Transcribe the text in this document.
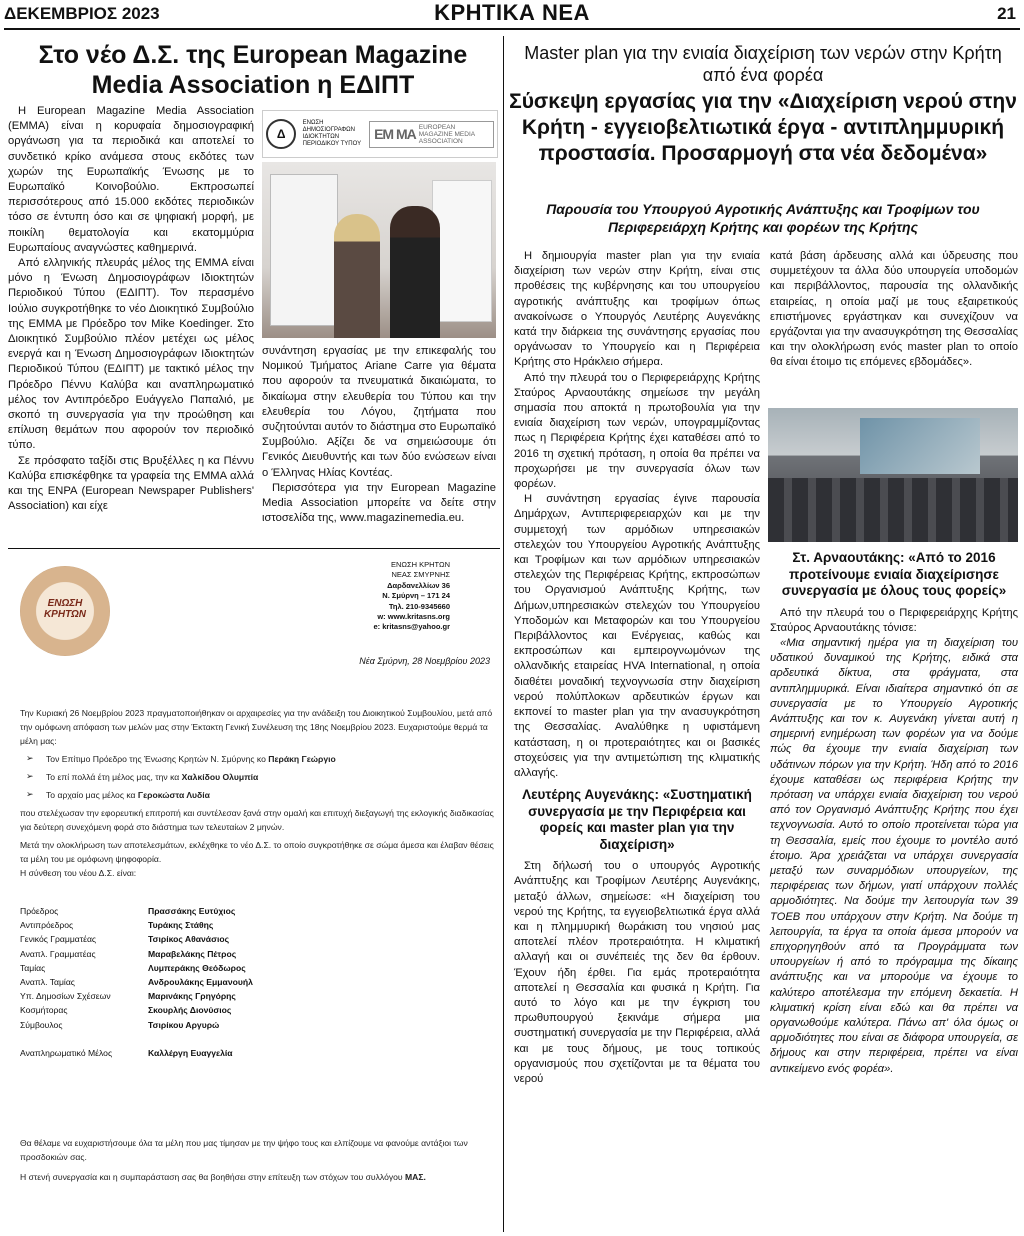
ΔΕΚΕΜΒΡΙΟΣ 2023	ΚΡΗΤΙΚΑ ΝΕΑ	21
Στο νέο Δ.Σ. της European Magazine Media Association η ΕΔΙΠΤ

Η European Magazine Media Association (EMMA) είναι η κορυφαία δημοσιογραφική οργάνωση για τα περιοδικά και αποτελεί το συνδετικό κρίκο ανάμεσα στους εκδότες των χωρών της Ευρωπαϊκής Ένωσης με το Ευρωπαϊκό Κοινοβούλιο. Εκπροσωπεί περισσότερους από 15.000 εκδότες περιοδικών τόσο σε έντυπη όσο και σε ψηφιακή μορφή, με ποικίλη θεματολογία και εκατομμύρια Ευρωπαίους αναγνώστες καθημερινά.

Από ελληνικής πλευράς μέλος της EMMA είναι μόνο η Ένωση Δημοσιογράφων Ιδιοκτητών Περιοδικού Τύπου (ΕΔΙΠΤ). Τον περασμένο Ιούλιο συγκροτήθηκε το νέο Διοικητικό Συμβούλιο της EMMA με Πρόεδρο τον Mike Koedinger. Στο Διοικητικό Συμβούλιο πλέον μετέχει ως μέλος ενεργά και η Ένωση Δημοσιογράφων Ιδιοκτητών Περιοδικού Τύπου (ΕΔΙΠΤ) με τακτικό μέλος την Πρόεδρο Πέννυ Καλύβα και αναπληρωματικό μέλος τον Αντιπρόεδρο Ευάγγελο Παπαλιό, με σκοπό τη συνεργασία για την προώθηση και επίλυση θεμάτων που αφορούν τον περιοδικό τύπο.

Σε πρόσφατο ταξίδι στις Βρυξέλλες η κα Πέννυ Καλύβα επισκέφθηκε τα γραφεία της EMMA αλλά και της ENPA (European Newspaper Publishers' Association) και είχε

Δ
ΕΝΩΣΗ ΔΗΜΟΣΙΟΓΡΑΦΩΝ ΙΔΙΟΚΤΗΤΩΝ ΠΕΡΙΟΔΙΚΟΥ ΤΥΠΟΥ
EM MA EUROPEAN MAGAZINE MEDIA ASSOCIATION

συνάντηση εργασίας με την επικεφαλής του Νομικού Τμήματος Ariane Carre για θέματα που αφορούν τα πνευματικά δικαιώματα, το δικαίωμα στην ελευθερία του Τύπου και την ελευθερία του Λόγου, ζητήματα που συζητούνται αυτόν το διάστημα στο Ευρωπαϊκό Συμβούλιο. Αξίζει δε να σημειώσουμε ότι Γενικός Διευθυντής και των δύο ενώσεων είναι ο Έλληνας Ηλίας Κοντέας.

Περισσότερα για την European Magazine Media Association μπορείτε να δείτε στην ιστοσελίδα της, www.magazinemedia.eu.

ΕΝΩΣΗ ΚΡΗΤΩΝ
ΕΝΩΣΗ ΚΡΗΤΩΝ
ΝΕΑΣ ΣΜΥΡΝΗΣ
Δαρδανελλίων 36
Ν. Σμύρνη – 171 24
Τηλ. 210-9345660
w: www.kritasns.org
e: kritasns@yahoo.gr
Νέα Σμύρνη, 28 Νοεμβρίου 2023
Την Κυριακή 26 Νοεμβρίου 2023 πραγματοποιήθηκαν οι αρχαιρεσίες για την ανάδειξη του Διοικητικού Συμβουλίου, μετά από την ομόφωνη απόφαση των μελών μας στην Έκτακτη Γενική Συνέλευση της 18ης Νοεμβρίου 2023. Ευχαριστούμε θερμά τα μέλη μας:
➢ Τον Επίτιμο Πρόεδρο της Ένωσης Κρητών Ν. Σμύρνης κο Περάκη Γεώργιο
➢ Το επί πολλά έτη μέλος μας, την κα Χαλκίδου Ολυμπία
➢ Το αρχαίο μας μέλος κα Γερoκώστα Λυδία
που στελέχωσαν την εφορευτική επιτροπή και συντέλεσαν ξανά στην ομαλή και επιτυχή διεξαγωγή της εκλογικής διαδικασίας για δεύτερη συνεχόμενη φορά στο διάστημα των τελευταίων 2 μηνών.
Μετά την ολοκλήρωση των αποτελεσμάτων, εκλέχθηκε το νέο Δ.Σ. το οποίο συγκροτήθηκε σε σώμα άμεσα και έλαβαν θέσεις τα μέλη του με ομόφωνη ψηφοφορία.
Η σύνθεση του νέου Δ.Σ. είναι:
Πρόεδρος	Πρασσάκης Ευτύχιος
Αντιπρόεδρος	Τυράκης Στάθης
Γενικός Γραμματέας	Τσιρίκος Αθανάσιος
Αναπλ. Γραμματέας	Μαραβελάκης Πέτρος
Ταμίας	Λυμπεράκης Θεόδωρος
Αναπλ. Ταμίας	Ανδρουλάκης Εμμανουήλ
Υπ. Δημοσίων Σχέσεων	Μαρινάκης Γρηγόρης
Κοσμήτορας	Σκουρλής Διονύσιος
Σύμβουλος	Τσιρίκου Αργυρώ
Αναπληρωματικό Μέλος	Καλλέργη Ευαγγελία
Θα θέλαμε να ευχαριστήσουμε όλα τα μέλη που μας τίμησαν με την ψήφο τους και ελπίζουμε να φανούμε αντάξιοι των προσδοκιών σας.
Η στενή συνεργασία και η συμπαράσταση σας θα βοηθήσει στην επίτευξη των στόχων του συλλόγου ΜΑΣ.
Master plan για την ενιαία διαχείριση των νερών στην Κρήτη από ένα φορέα
Σύσκεψη εργασίας για την «Διαχείριση νερού στην Κρήτη - εγγειοβελτιωτικά έργα - αντιπλημμυρική προστασία. Προσαρμογή στα νέα δεδομένα»
Παρουσία του Υπουργού Αγροτικής Ανάπτυξης και Τροφίμων του Περιφερειάρχη Κρήτης και φορέων της Κρήτης

Η δημιουργία master plan για την ενιαία διαχείριση των νερών στην Κρήτη, είναι στις προθέσεις της κυβέρνησης και του υπουργείου αγροτικής ανάπτυξης και τροφίμων όπως ανακοίνωσε ο Υπουργός Λευτέρης Αυγενάκης κατά την διάρκεια της συνάντησης εργασίας που οργάνωσαν το Υπουργείο και η Περιφέρεια Κρήτης στο Ηράκλειο σήμερα.

Από την πλευρά του ο Περιφερειάρχης Κρήτης Σταύρος Αρναουτάκης σημείωσε την μεγάλη σημασία που αποκτά η πρωτοβουλία για την ενιαία διαχείριση των νερών, υπογραμμίζοντας πως η Περιφέρεια Κρήτης έχει καταθέσει από το 2016 τη σχετική πρόταση, η οποία θα πρέπει να προχωρήσει με την συνεργασία όλων των φορέων.

Η συνάντηση εργασίας έγινε παρουσία Δημάρχων, Αντιπεριφερειαρχών και με την συμμετοχή των αρμόδιων υπηρεσιακών στελεχών του Υπουργείου Αγροτικής Ανάπτυξης και Τροφίμων και των αρμόδιων υπηρεσιακών στελεχών της Περιφέρειας Κρήτης, εκπροσώπων του Οργανισμού Ανάπτυξης Κρήτης, των Δήμων,υπηρεσιακών στελεχών του Υπουργείου Υποδομών και Μεταφορών και του Υπουργείου Περιβάλλοντος και Ενέργειας, καθώς και εκπροσώπων και εμπειρογνωμόνων της ολλανδικής εταιρείας HVA International, η οποία διαθέτει μοναδική τεχνογνωσία στην διαχείριση νερού πολύπλοκων αρδευτικών έργων και εκπονεί το master plan για την ανασυγκρότηση της Θεσσαλίας. Αναλύθηκε η υφιστάμενη κατάσταση, η οι προτεραιότητες και οι βασικές στοχεύσεις για την αντιμετώπιση της κλιματικής αλλαγής.

Λευτέρης Αυγενάκης: «Συστηματική συνεργασία με την Περιφέρεια και φορείς και master plan για την διαχείριση»

Στη δήλωσή του ο υπουργός Αγροτικής Ανάπτυξης και Τροφίμων Λευτέρης Αυγενάκης, μεταξύ άλλων, σημείωσε: «Η διαχείριση του νερού της Κρήτης, τα εγγειοβελτιωτικά έργα αλλά και η πλημμυρική θωράκιση του νησιού μας αποτελεί πλέον προτεραιότητα. Η κλιματική αλλαγή και οι συνέπειές της δεν θα έρθουν. Έχουν ήδη έρθει. Για εμάς προτεραιότητα αποτελεί η Θεσσαλία και φυσικά η Κρήτη. Για αυτό το λόγο και με την έγκριση του πρωθυπουργού ξεκινάμε σήμερα μια συστηματική συνεργασία με την Περιφέρεια, αλλά και με τους δήμους, με τους τοπικούς οργανισμούς που σχετίζονται με τα θέματα του νερού

κατά βάση άρδευσης αλλά και ύδρευσης που συμμετέχουν τα άλλα δύο υπουργεία υποδομών και περιβάλλοντος, παρουσία της ολλανδικής εταιρείας, η οποία μαζί με τους εξαιρετικούς επιστήμονες εργάστηκαν και συνεχίζουν να εργάζονται για την ανασυγκρότηση της Θεσσαλίας και την ολοκλήρωση ενός master plan το οποίο θα είναι έτοιμο τις επόμενες εβδομάδες».

Στ. Αρναουτάκης: «Από το 2016 προτείνουμε ενιαία διαχείρισησε συνεργασία με όλους τους φορείς»

Από την πλευρά του ο Περιφερειάρχης Κρήτης Σταύρος Αρναουτάκης τόνισε:

«Μια σημαντική ημέρα για τη διαχείριση του υδατικού δυναμικού της Κρήτης, ειδικά στα αρδευτικά δίκτυα, στα φράγματα, στα αντιπλημμυρικά. Είναι ιδιαίτερα σημαντικό ότι σε συνεργασία με το Υπουργείο Αγροτικής Ανάπτυξης και τον κ. Αυγενάκη γίνεται αυτή η σημερινή ενημέρωση των φορέων για να δούμε πώς θα έχουμε την ενιαία διαχείριση των υδάτινων πόρων για την Κρήτη. Ήδη από το 2016 έχουμε καταθέσει ως περιφέρεια Κρήτης την πρόταση να υπάρχει ενιαία διαχείριση του νερού από τον Οργανισμό Ανάπτυξης Κρήτης που έχει τεχνογνωσία. Αυτό το οποίο προτείνεται τώρα για τη Θεσσαλία, εμείς που έχουμε το μοντέλο αυτό έτοιμο. Άρα χρειάζεται να υπάρχει συνεργασία μεταξύ των συναρμόδιων υπουργείων, της περιφέρειας των δήμων, γιατί υπάρχουν πολλές αρμοδιότητες. Να δούμε την λειτουργία των 39 ΤΟΕΒ που υπάρχουν στην Κρήτη. Να δούμε τη λειτουργία, τα έργα τα οποία άμεσα μπορούν να επιχορηγηθούν από τα Προγράμματα των υπουργείων ή από το πρόγραμμα της δίκαιης ανάπτυξης και να μπορούμε να έχουμε το καλύτερο αποτέλεσμα την επόμενη δεκαετία. Η κλιματική κρίση είναι εδώ και θα πρέπει να οργανωθούμε καλύτερα. Πάνω απ' όλα όμως οι αρμοδιότητες που είναι σε διάφορα υπουργεία, σε δήμους και στην περιφέρεια, πρέπει να είναι αντικείμενο ενός φορέα».
